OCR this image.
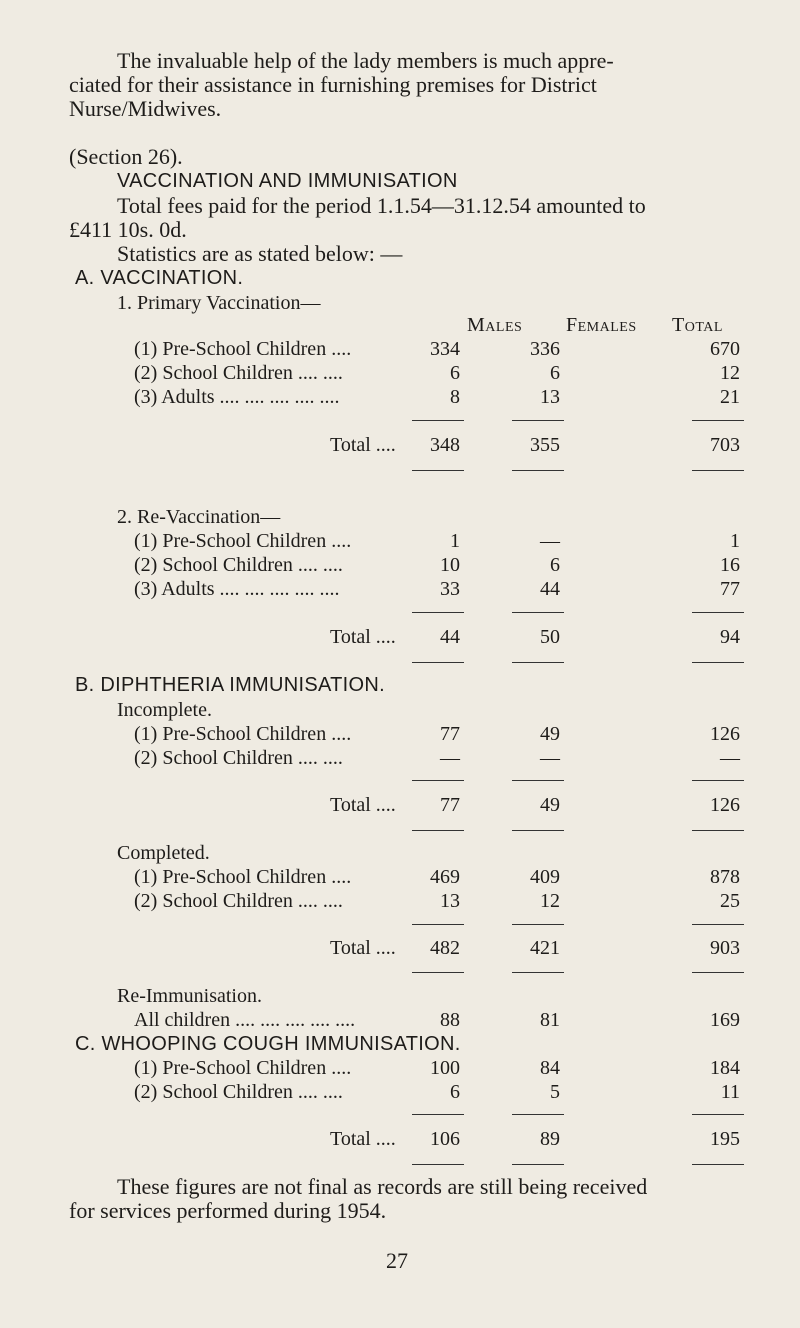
The invaluable help of the lady members is much appre-
ciated for their assistance in furnishing premises for District
Nurse/Midwives.
(Section 26).
VACCINATION AND IMMUNISATION
Total fees paid for the period 1.1.54—31.12.54 amounted to
£411 10s. 0d.
Statistics are as stated below: —
A. VACCINATION.
1. Primary Vaccination—
Males Females Total
(1) Pre-School Children ....	334	336	670
(2) School Children .... ....	6	6	12
(3) Adults .... .... .... .... ....	8	13	21
Total ....	348	355	703
2. Re-Vaccination—
(1) Pre-School Children ....	1	—	1
(2) School Children .... ....	10	6	16
(3) Adults .... .... .... .... ....	33	44	77
Total ....	44	50	94
B. DIPHTHERIA IMMUNISATION.
Incomplete.
(1) Pre-School Children ....	77	49	126
(2) School Children .... ....	—	—	—
Total ....	77	49	126
Completed.
(1) Pre-School Children ....	469	409	878
(2) School Children .... ....	13	12	25
Total ....	482	421	903
Re-Immunisation.
All children .... .... .... .... ....	88	81	169
C. WHOOPING COUGH IMMUNISATION.
(1) Pre-School Children ....	100	84	184
(2) School Children .... ....	6	5	11
Total ....	106	89	195
These figures are not final as records are still being received
for services performed during 1954.
27
